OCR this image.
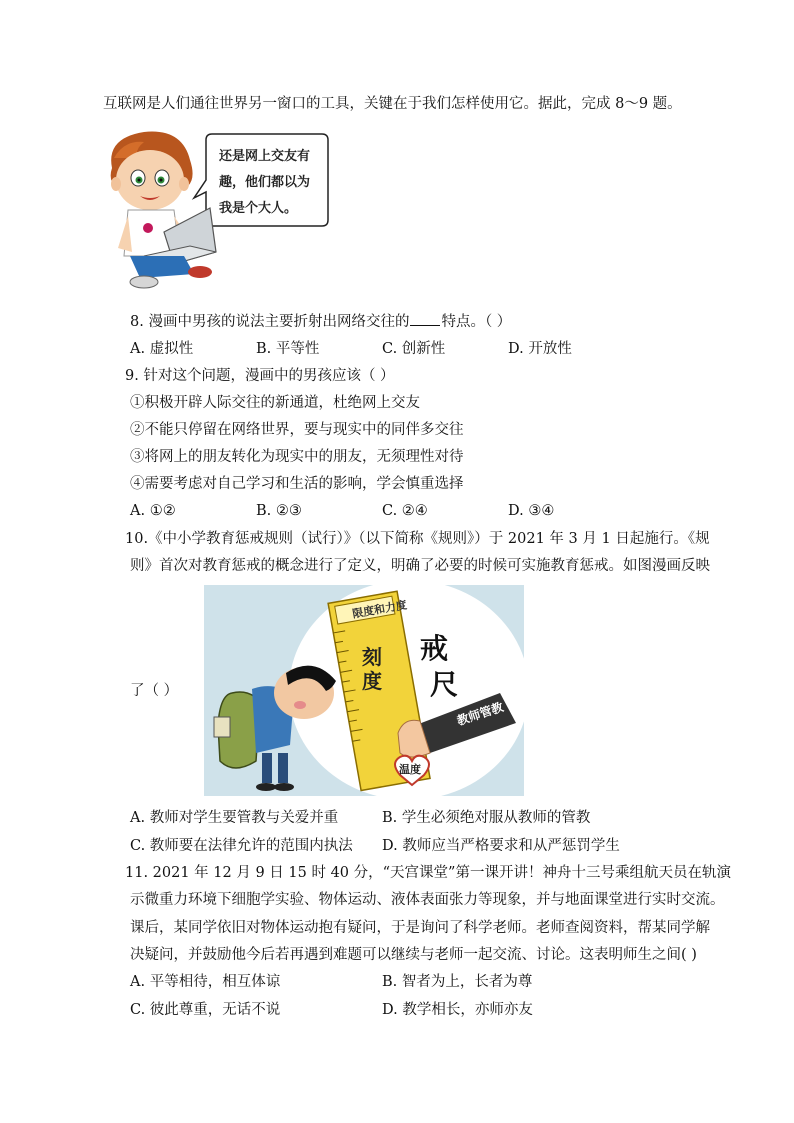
互联网是人们通往世界另一窗口的工具，关键在于我们怎样使用它。据此，完成 8～9 题。
还是网上交友有
趣，他们都以为
我是个大人。
8. 漫画中男孩的说法主要折射出网络交往的 特点。（ ）
A. 虚拟性	B. 平等性	C. 创新性	D. 开放性
9. 针对这个问题，漫画中的男孩应该（ ）
①积极开辟人际交往的新通道，杜绝网上交友
②不能只停留在网络世界，要与现实中的同伴多交往
③将网上的朋友转化为现实中的朋友，无须理性对待
④需要考虑对自己学习和生活的影响，学会慎重选择
A. ①②	B. ②③	C. ②④	D. ③④
10.《中小学教育惩戒规则（试行）》（以下简称《规则》）于 2021 年 3 月 1 日起施行。《规
则》首次对教育惩戒的概念进行了定义，明确了必要的时候可实施教育惩戒。如图漫画反映
了（ ）
限度和力度
刻度
戒
尺
教师管教
温度
A. 教师对学生要管教与关爱并重	B. 学生必须绝对服从教师的管教
C. 教师要在法律允许的范围内执法 D. 教师应当严格要求和从严惩罚学生
11. 2021 年 12 月 9 日 15 时 40 分，“天宫课堂”第一课开讲！神舟十三号乘组航天员在轨演
示微重力环境下细胞学实验、物体运动、液体表面张力等现象，并与地面课堂进行实时交流。
课后，某同学依旧对物体运动抱有疑问，于是询问了科学老师。老师查阅资料，帮某同学解
决疑问，并鼓励他今后若再遇到难题可以继续与老师一起交流、讨论。这表明师生之间( )
A. 平等相待，相互体谅	B. 智者为上，长者为尊
C. 彼此尊重，无话不说	D. 教学相长，亦师亦友
